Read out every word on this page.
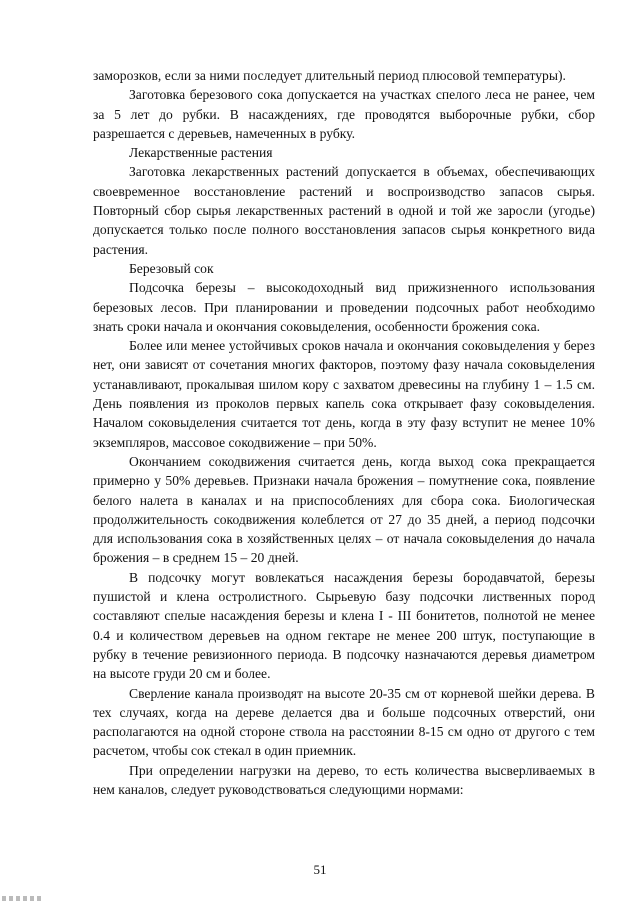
заморозков, если за ними последует длительный период плюсовой температуры).

Заготовка березового сока допускается на участках спелого леса не ранее, чем за 5 лет до рубки. В насаждениях, где проводятся выборочные рубки, сбор разрешается с деревьев, намеченных в рубку.

Лекарственные растения

Заготовка лекарственных растений допускается в объемах, обеспечивающих своевременное восстановление растений и воспроизводство запасов сырья. Повторный сбор сырья лекарственных растений в одной и той же заросли (угодье) допускается только после полного восстановления запасов сырья конкретного вида растения.

Березовый сок

Подсочка березы – высокодоходный вид прижизненного использования березовых лесов. При планировании и проведении подсочных работ необходимо знать сроки начала и окончания соковыделения, особенности брожения сока.

Более или менее устойчивых сроков начала и окончания соковыделения у берез нет, они зависят от сочетания многих факторов, поэтому фазу начала соковыделения устанавливают, прокалывая шилом кору с захватом древесины на глубину 1 – 1.5 см. День появления из проколов первых капель сока открывает фазу соковыделения. Началом соковыделения считается тот день, когда в эту фазу вступит не менее 10% экземпляров, массовое сокодвижение – при 50%.

Окончанием сокодвижения считается день, когда выход сока прекращается примерно у 50% деревьев. Признаки начала брожения – помутнение сока, появление белого налета в каналах и на приспособлениях для сбора сока. Биологическая продолжительность сокодвижения колеблется от 27 до 35 дней, а период подсочки для использования сока в хозяйственных целях – от начала соковыделения до начала брожения – в среднем 15 – 20 дней.

В подсочку могут вовлекаться насаждения березы бородавчатой, березы пушистой и клена остролистного. Сырьевую базу подсочки лиственных пород составляют спелые насаждения березы и клена I - III бонитетов, полнотой не менее 0.4 и количеством деревьев на одном гектаре не менее 200 штук, поступающие в рубку в течение ревизионного периода. В подсочку назначаются деревья диаметром на высоте груди 20 см и более.

Сверление канала производят на высоте 20-35 см от корневой шейки дерева. В тех случаях, когда на дереве делается два и больше подсочных отверстий, они располагаются на одной стороне ствола на расстоянии 8-15 см одно от другого с тем расчетом, чтобы сок стекал в один приемник.

При определении нагрузки на дерево, то есть количества высверливаемых в нем каналов, следует руководствоваться следующими нормами:

51
